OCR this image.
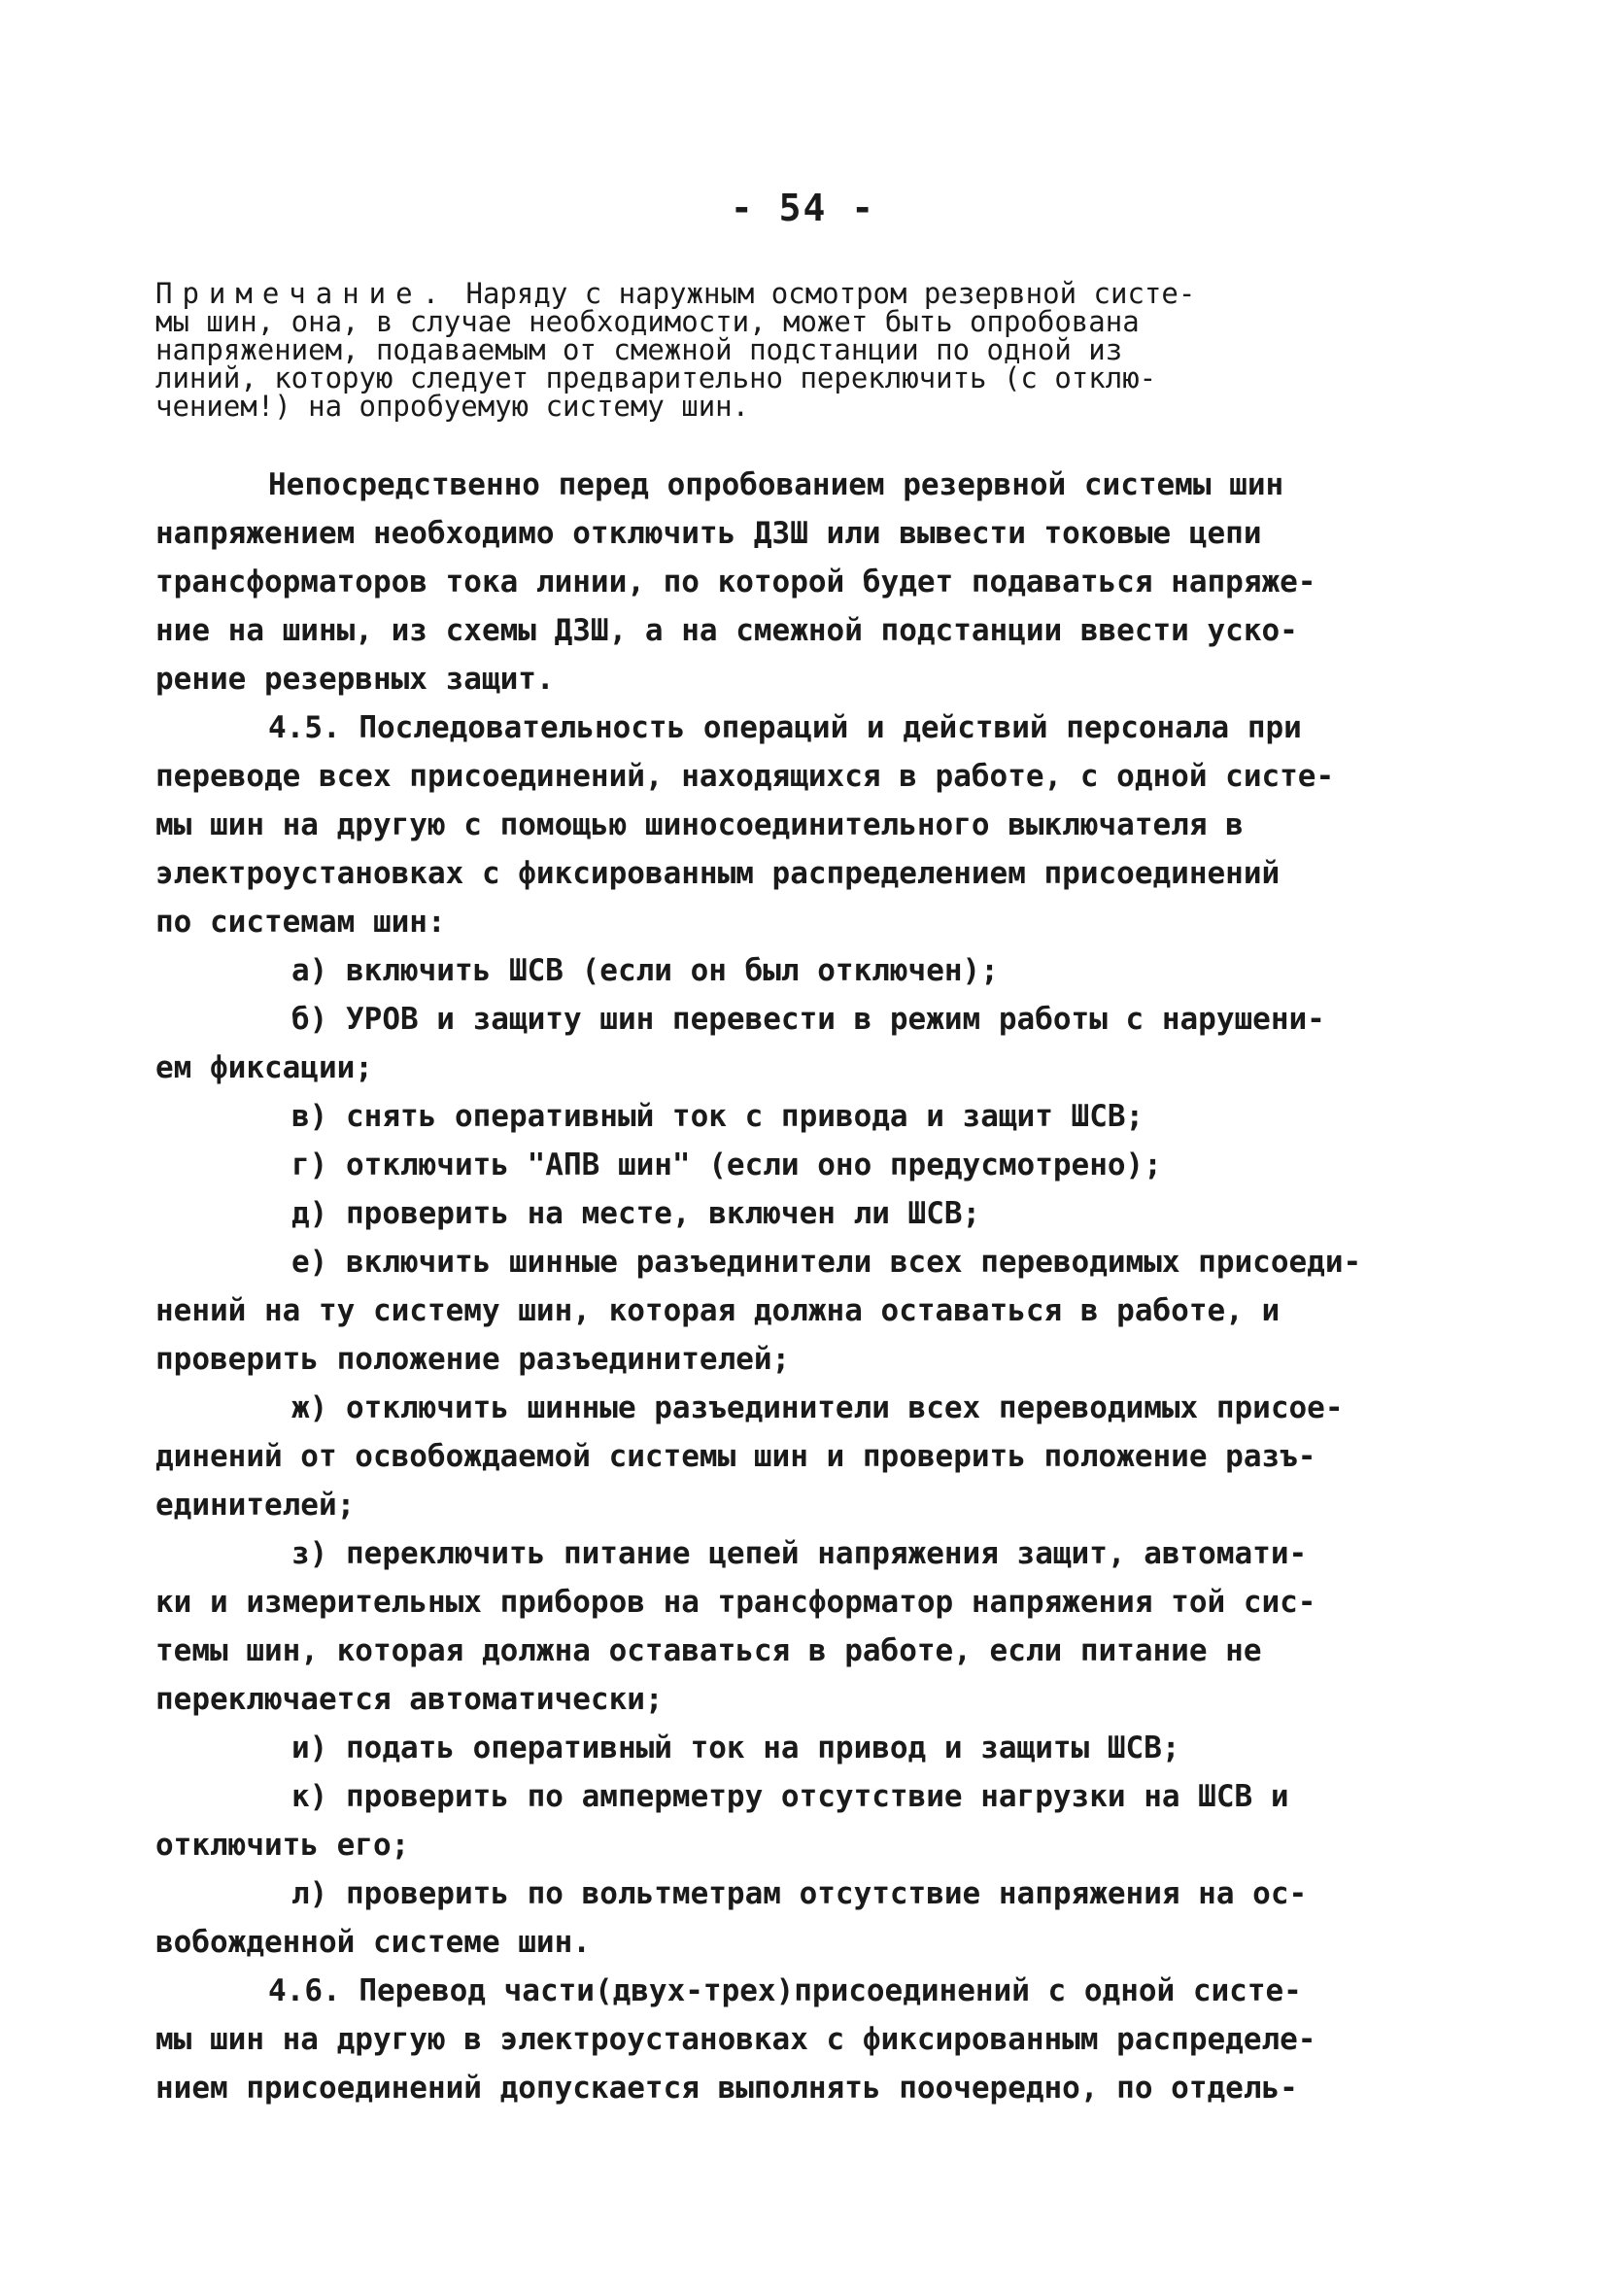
- 54 -
Примечание. Наряду с наружным осмотром резервной систе-
мы шин, она, в случае необходимости, может быть опробована
напряжением, подаваемым от смежной подстанции по одной из
линий, которую следует предварительно переключить (с отклю-
чением!) на опробуемую систему шин.
Непосредственно перед опробованием резервной системы шин
напряжением необходимо отключить ДЗШ или вывести токовые цепи
трансформаторов тока линии, по которой будет подаваться напряже-
ние на шины, из схемы ДЗШ, а на смежной подстанции ввести уско-
рение резервных защит.
4.5. Последовательность операций и действий персонала при
переводе всех присоединений, находящихся в работе, с одной систе-
мы шин на другую с помощью шиносоединительного выключателя в
электроустановках с фиксированным распределением присоединений
по системам шин:
а) включить ШСВ (если он был отключен);
б) УРОВ и защиту шин перевести в режим работы с нарушени-
ем фиксации;
в) снять оперативный ток с привода и защит ШСВ;
г) отключить "АПВ шин" (если оно предусмотрено);
д) проверить на месте, включен ли ШСВ;
е) включить шинные разъединители всех переводимых присоеди-
нений на ту систему шин, которая должна оставаться в работе, и
проверить положение разъединителей;
ж) отключить шинные разъединители всех переводимых присое-
динений от освобождаемой системы шин и проверить положение разъ-
единителей;
з) переключить питание цепей напряжения защит, автомати-
ки и измерительных приборов на трансформатор напряжения той сис-
темы шин, которая должна оставаться в работе, если питание не
переключается автоматически;
и) подать оперативный ток на привод и защиты ШСВ;
к) проверить по амперметру отсутствие нагрузки на ШСВ и
отключить его;
л) проверить по вольтметрам отсутствие напряжения на ос-
вобожденной системе шин.
4.6. Перевод части(двух-трех)присоединений с одной систе-
мы шин на другую в электроустановках с фиксированным распределе-
нием присоединений допускается выполнять поочередно, по отдель-
